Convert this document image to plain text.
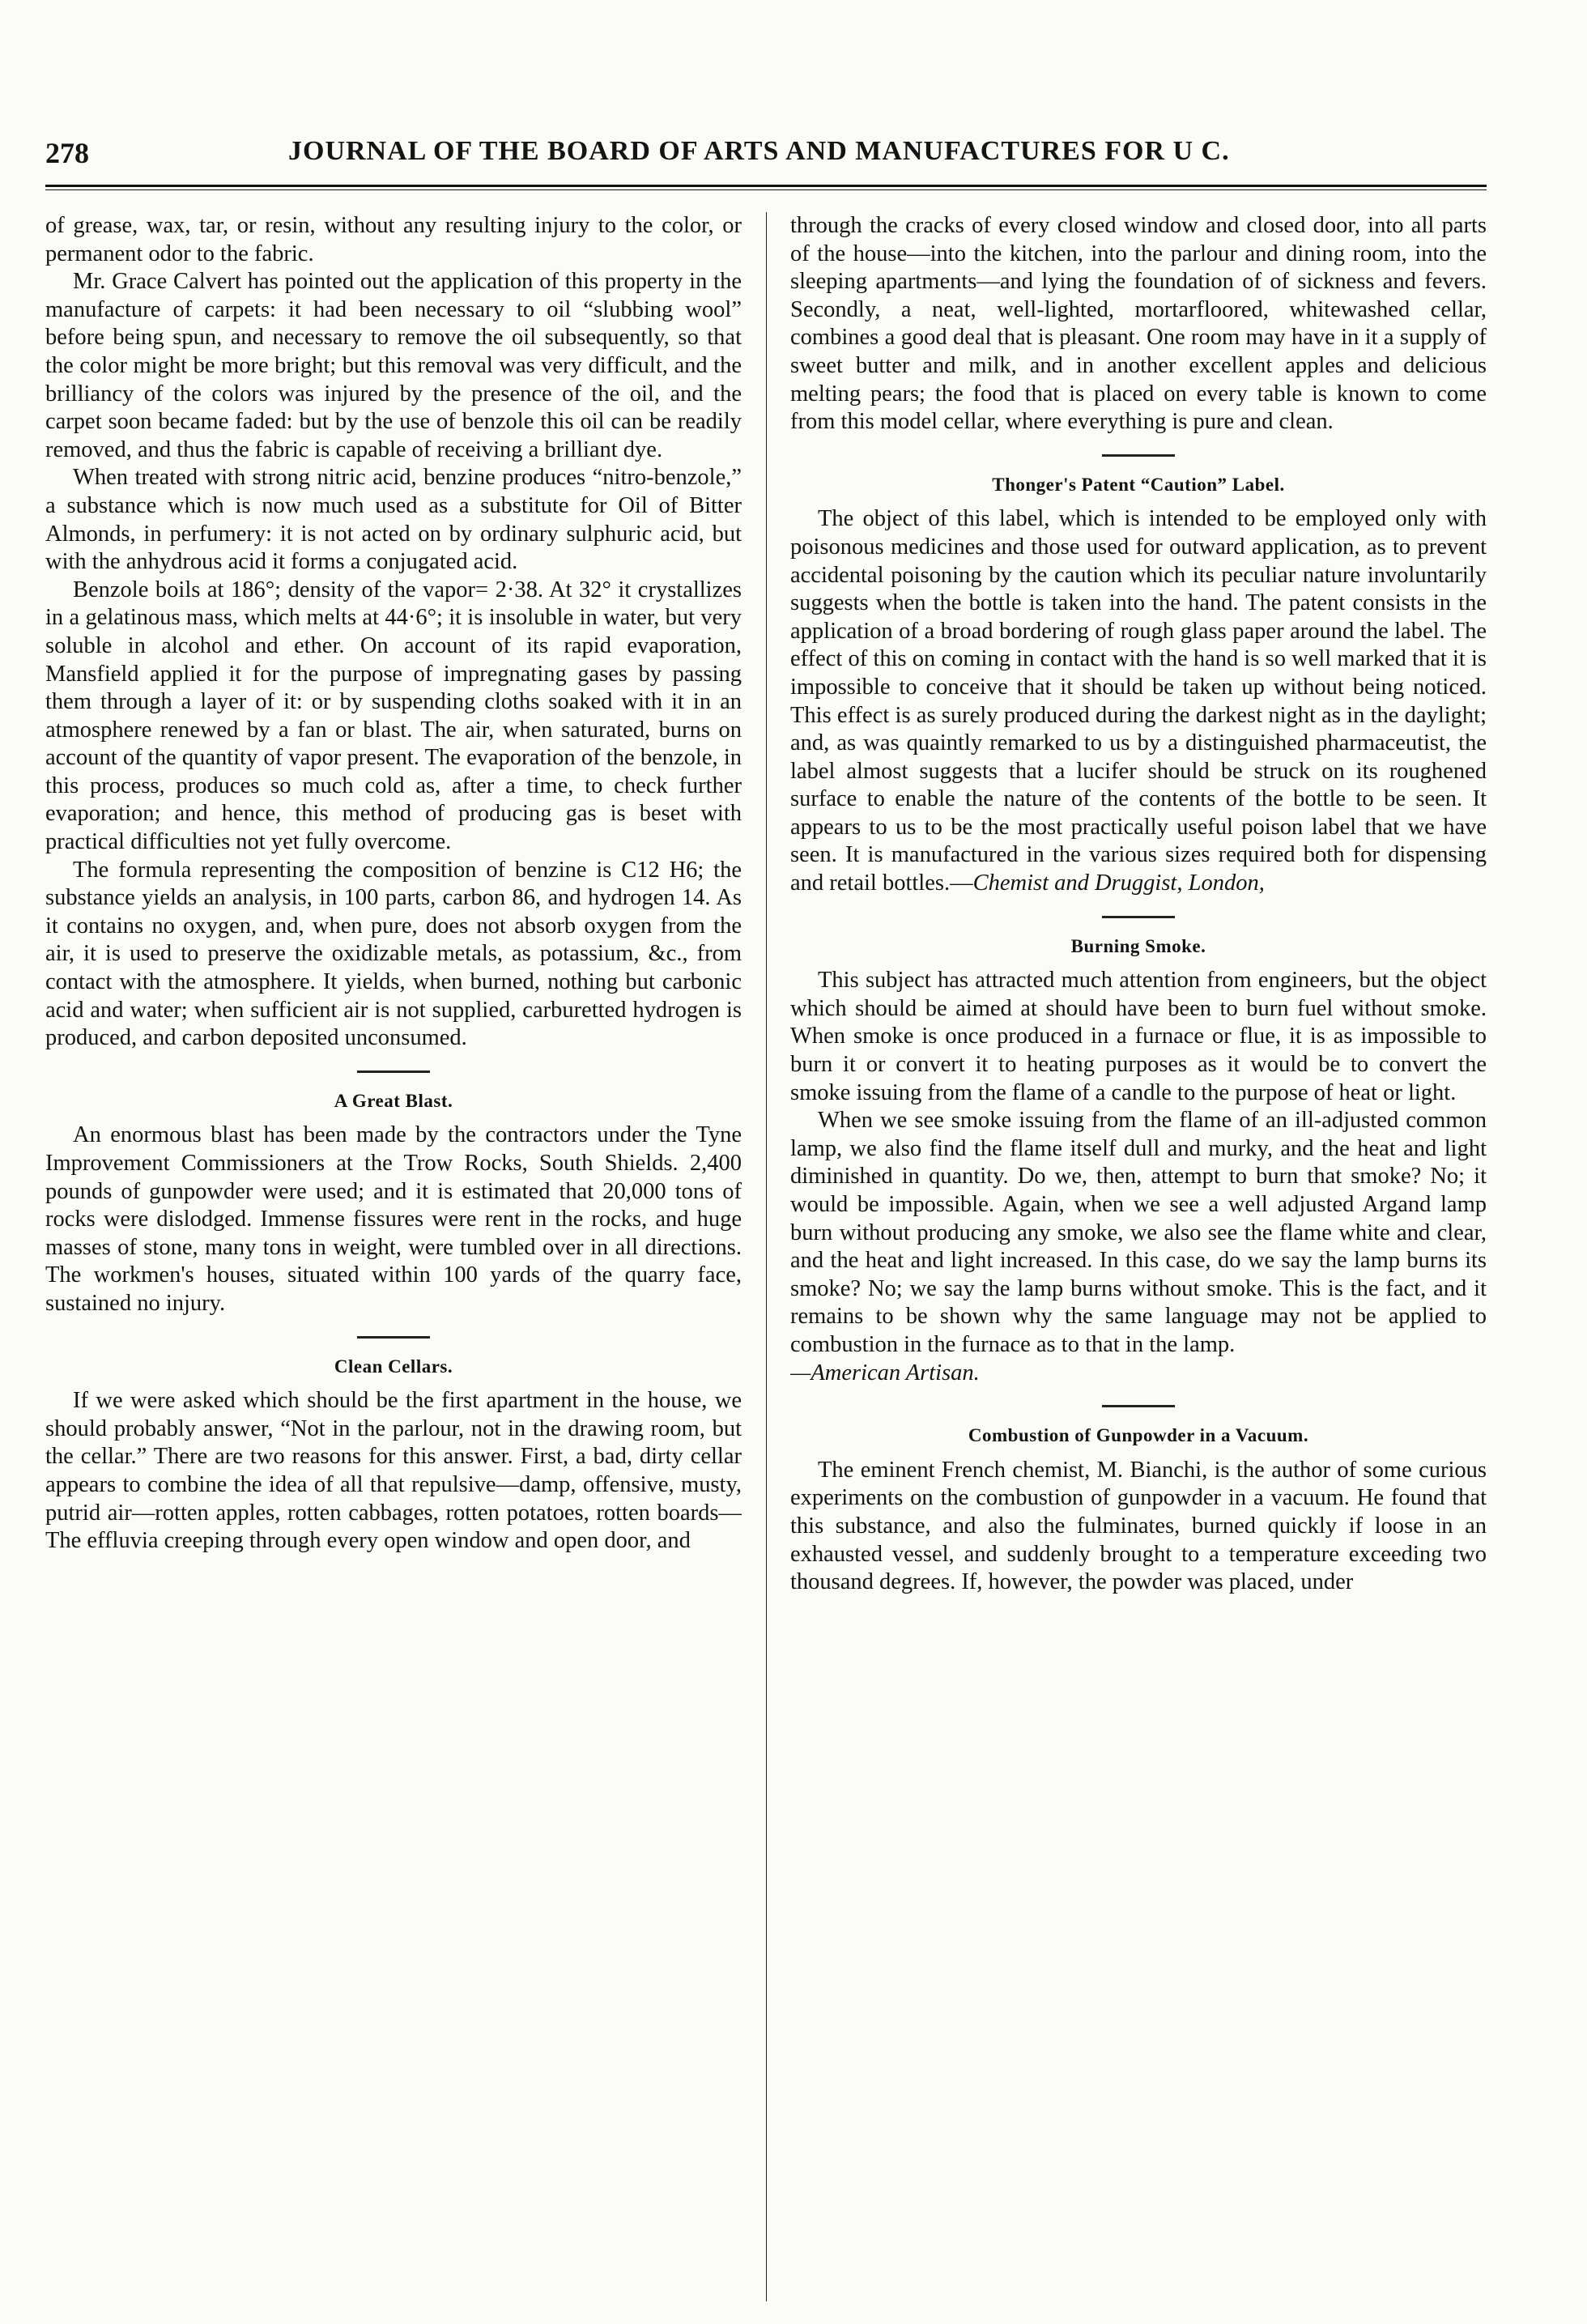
278	JOURNAL OF THE BOARD OF ARTS AND MANUFACTURES FOR U C.

of grease, wax, tar, or resin, without any resulting injury to the color, or permanent odor to the fabric.

Mr. Grace Calvert has pointed out the application of this property in the manufacture of carpets: it had been necessary to oil “slubbing wool” before being spun, and necessary to remove the oil subsequently, so that the color might be more bright; but this removal was very difficult, and the brilliancy of the colors was injured by the presence of the oil, and the carpet soon became faded: but by the use of benzole this oil can be readily removed, and thus the fabric is capable of receiving a brilliant dye.

When treated with strong nitric acid, benzine produces “nitro-benzole,” a substance which is now much used as a substitute for Oil of Bitter Almonds, in perfumery: it is not acted on by ordinary sulphuric acid, but with the anhydrous acid it forms a conjugated acid.

Benzole boils at 186°; density of the vapor= 2·38. At 32° it crystallizes in a gelatinous mass, which melts at 44·6°; it is insoluble in water, but very soluble in alcohol and ether. On account of its rapid evaporation, Mansfield applied it for the purpose of impregnating gases by passing them through a layer of it: or by suspending cloths soaked with it in an atmosphere renewed by a fan or blast. The air, when saturated, burns on account of the quantity of vapor present. The evaporation of the benzole, in this process, produces so much cold as, after a time, to check further evaporation; and hence, this method of producing gas is beset with practical difficulties not yet fully overcome.

The formula representing the composition of benzine is C12 H6; the substance yields an analysis, in 100 parts, carbon 86, and hydrogen 14. As it contains no oxygen, and, when pure, does not absorb oxygen from the air, it is used to preserve the oxidizable metals, as potassium, &c., from contact with the atmosphere. It yields, when burned, nothing but carbonic acid and water; when sufficient air is not supplied, carburetted hydrogen is produced, and carbon deposited unconsumed.

A Great Blast.

An enormous blast has been made by the contractors under the Tyne Improvement Commissioners at the Trow Rocks, South Shields. 2,400 pounds of gunpowder were used; and it is estimated that 20,000 tons of rocks were dislodged. Immense fissures were rent in the rocks, and huge masses of stone, many tons in weight, were tumbled over in all directions. The workmen's houses, situated within 100 yards of the quarry face, sustained no injury.

Clean Cellars.

If we were asked which should be the first apartment in the house, we should probably answer, “Not in the parlour, not in the drawing room, but the cellar.” There are two reasons for this answer. First, a bad, dirty cellar appears to combine the idea of all that repulsive—damp, offensive, musty, putrid air—rotten apples, rotten cabbages, rotten potatoes, rotten boards—The effluvia creeping through every open window and open door, and

through the cracks of every closed window and closed door, into all parts of the house—into the kitchen, into the parlour and dining room, into the sleeping apartments—and lying the foundation of of sickness and fevers. Secondly, a neat, well-lighted, mortarfloored, whitewashed cellar, combines a good deal that is pleasant. One room may have in it a supply of sweet butter and milk, and in another excellent apples and delicious melting pears; the food that is placed on every table is known to come from this model cellar, where everything is pure and clean.

Thonger's Patent “Caution” Label.

The object of this label, which is intended to be employed only with poisonous medicines and those used for outward application, as to prevent accidental poisoning by the caution which its peculiar nature involuntarily suggests when the bottle is taken into the hand. The patent consists in the application of a broad bordering of rough glass paper around the label. The effect of this on coming in contact with the hand is so well marked that it is impossible to conceive that it should be taken up without being noticed. This effect is as surely produced during the darkest night as in the daylight; and, as was quaintly remarked to us by a distinguished pharmaceutist, the label almost suggests that a lucifer should be struck on its roughened surface to enable the nature of the contents of the bottle to be seen. It appears to us to be the most practically useful poison label that we have seen. It is manufactured in the various sizes required both for dispensing and retail bottles.—Chemist and Druggist, London,

Burning Smoke.

This subject has attracted much attention from engineers, but the object which should be aimed at should have been to burn fuel without smoke. When smoke is once produced in a furnace or flue, it is as impossible to burn it or convert it to heating purposes as it would be to convert the smoke issuing from the flame of a candle to the purpose of heat or light.

When we see smoke issuing from the flame of an ill-adjusted common lamp, we also find the flame itself dull and murky, and the heat and light diminished in quantity. Do we, then, attempt to burn that smoke? No; it would be impossible. Again, when we see a well adjusted Argand lamp burn without producing any smoke, we also see the flame white and clear, and the heat and light increased. In this case, do we say the lamp burns its smoke? No; we say the lamp burns without smoke. This is the fact, and it remains to be shown why the same language may not be applied to combustion in the furnace as to that in the lamp.

—American Artisan.

Combustion of Gunpowder in a Vacuum.

The eminent French chemist, M. Bianchi, is the author of some curious experiments on the combustion of gunpowder in a vacuum. He found that this substance, and also the fulminates, burned quickly if loose in an exhausted vessel, and suddenly brought to a temperature exceeding two thousand degrees. If, however, the powder was placed, under
